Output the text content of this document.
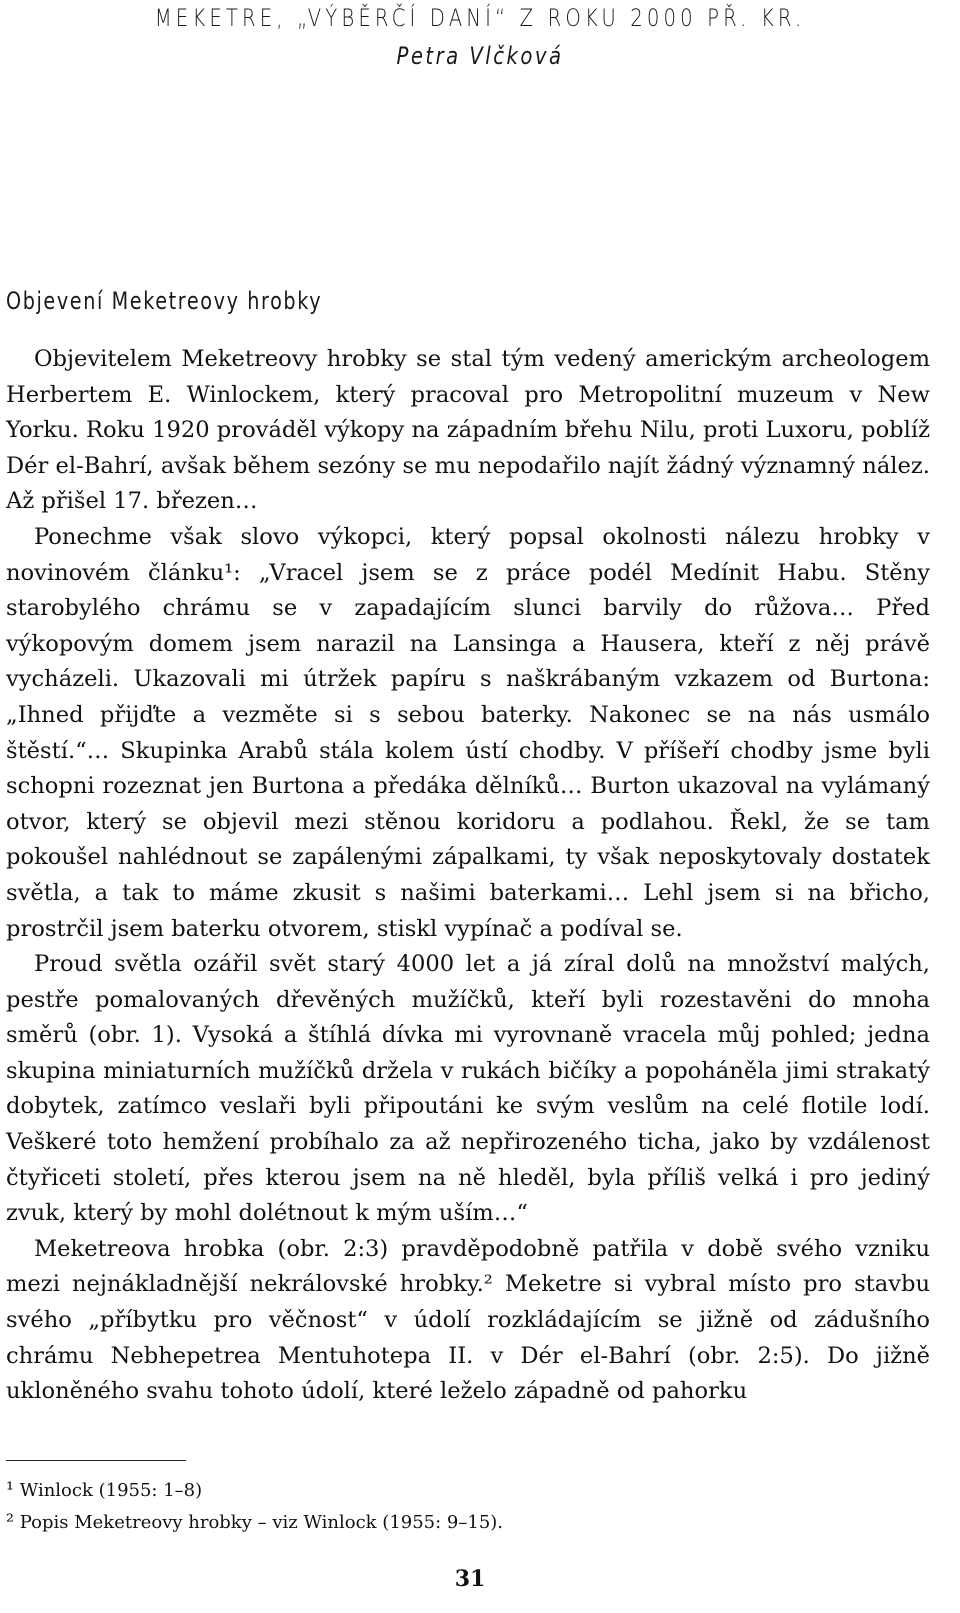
MEKETRE, „VÝBĚRČÍ DANÍ“ Z ROKU 2000 PŘ. KR.
Petra Vlčková
Objevení Meketreovy hrobky

Objevitelem Meketreovy hrobky se stal tým vedený americkým archeologem Herbertem E. Winlockem, který pracoval pro Metropolitní muzeum v New Yorku. Roku 1920 prováděl výkopy na západním břehu Nilu, proti Luxoru, poblíž Dér el-Bahrí, avšak během sezóny se mu nepodařilo najít žádný významný nález. Až přišel 17. březen…

Ponechme však slovo výkopci, který popsal okolnosti nálezu hrobky v novinovém článku¹: „Vracel jsem se z práce podél Medínit Habu. Stěny starobylého chrámu se v zapadajícím slunci barvily do růžova… Před výkopovým domem jsem narazil na Lansinga a Hausera, kteří z něj právě vycházeli. Ukazovali mi útržek papíru s naškrábaným vzkazem od Burtona: „Ihned přijďte a vezměte si s sebou baterky. Nakonec se na nás usmálo štěstí.“… Skupinka Arabů stála kolem ústí chodby. V příšeří chodby jsme byli schopni rozeznat jen Burtona a předáka dělníků… Burton ukazoval na vylámaný otvor, který se objevil mezi stěnou koridoru a podlahou. Řekl, že se tam pokoušel nahlédnout se zapálenými zápalkami, ty však neposkytovaly dostatek světla, a tak to máme zkusit s našimi baterkami… Lehl jsem si na břicho, prostrčil jsem baterku otvorem, stiskl vypínač a podíval se.

Proud světla ozářil svět starý 4000 let a já zíral dolů na množství malých, pestře pomalovaných dřevěných mužíčků, kteří byli rozestavěni do mnoha směrů (obr. 1). Vysoká a štíhlá dívka mi vyrovnaně vracela můj pohled; jedna skupina miniaturních mužíčků držela v rukách bičíky a popoháněla jimi strakatý dobytek, zatímco veslaři byli připoutáni ke svým veslům na celé flotile lodí. Veškeré toto hemžení probíhalo za až nepřirozeného ticha, jako by vzdálenost čtyřiceti století, přes kterou jsem na ně hleděl, byla příliš velká i pro jediný zvuk, který by mohl dolétnout k mým uším…“

Meketreova hrobka (obr. 2:3) pravděpodobně patřila v době svého vzniku mezi nejnákladnější nekrálovské hrobky.² Meketre si vybral místo pro stavbu svého „příbytku pro věčnost“ v údolí rozkládajícím se jižně od zádušního chrámu Nebhepetrea Mentuhotepa II. v Dér el-Bahrí (obr. 2:5). Do jižně ukloněného svahu tohoto údolí, které leželo západně od pahorku

¹ Winlock (1955: 1–8)
² Popis Meketreovy hrobky – viz Winlock (1955: 9–15).
31
